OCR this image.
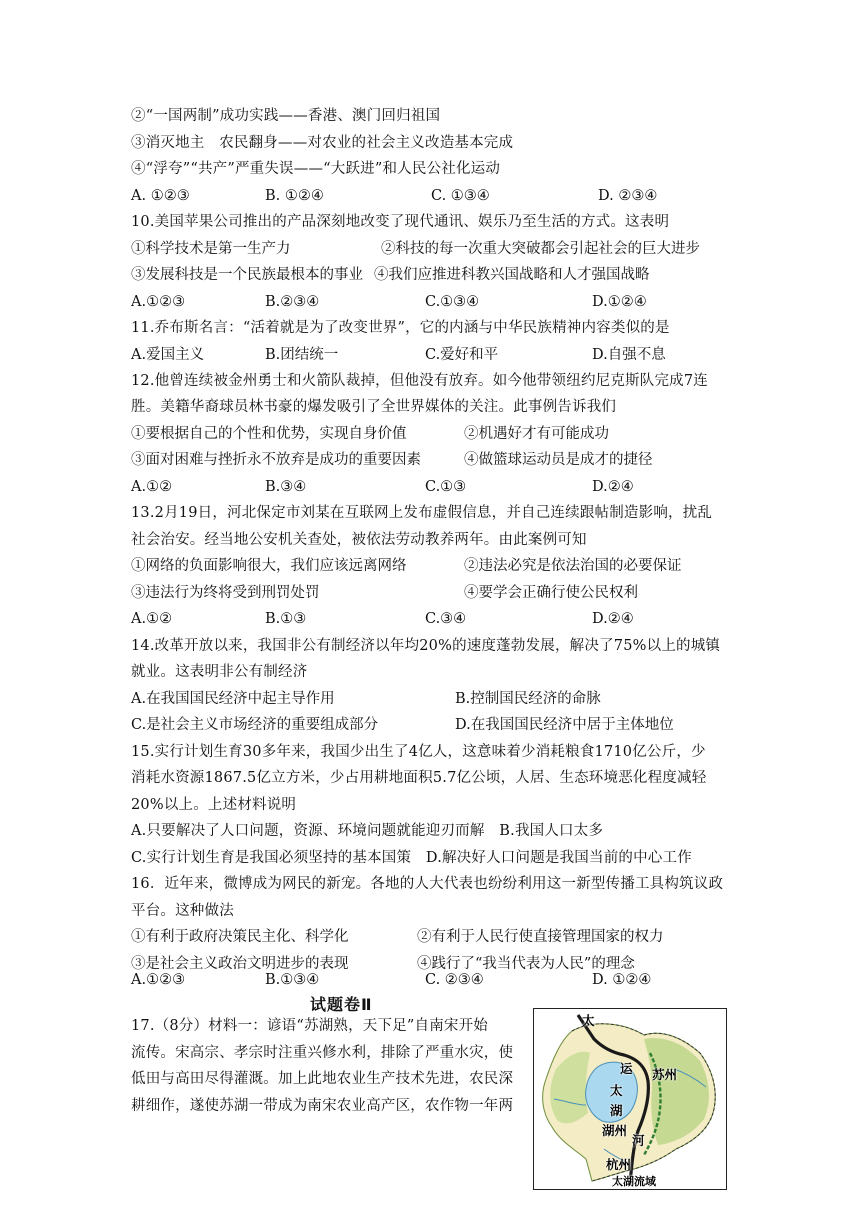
②“一国两制”成功实践——香港、澳门回归祖国
③消灭地主　农民翻身——对农业的社会主义改造基本完成
④“浮夸”“共产”严重失误——“大跃进”和人民公社化运动
A. ①②③	B. ①②④	C. ①③④	D. ②③④
10.美国苹果公司推出的产品深刻地改变了现代通讯、娱乐乃至生活的方式。这表明
①科学技术是第一生产力	②科技的每一次重大突破都会引起社会的巨大进步
③发展科技是一个民族最根本的事业 ④我们应推进科教兴国战略和人才强国战略
A.①②③	B.②③④	C.①③④	D.①②④
11.乔布斯名言：“活着就是为了改变世界”，它的内涵与中华民族精神内容类似的是
A.爱国主义	B.团结统一	C.爱好和平	D.自强不息
12.他曾连续被金州勇士和火箭队裁掉，但他没有放弃。如今他带领纽约尼克斯队完成7连
胜。美籍华裔球员林书豪的爆发吸引了全世界媒体的关注。此事例告诉我们
①要根据自己的个性和优势，实现自身价值	②机遇好才有可能成功
③面对困难与挫折永不放弃是成功的重要因素	④做篮球运动员是成才的捷径
A.①②	B.③④	C.①③	D.②④
13.2月19日，河北保定市刘某在互联网上发布虚假信息，并自己连续跟帖制造影响，扰乱
社会治安。经当地公安机关查处，被依法劳动教养两年。由此案例可知
①网络的负面影响很大，我们应该远离网络	②违法必究是依法治国的必要保证
③违法行为终将受到刑罚处罚	④要学会正确行使公民权利
A.①②	B.①③	C.③④	D.②④
14.改革开放以来，我国非公有制经济以年均20%的速度蓬勃发展，解决了75%以上的城镇
就业。这表明非公有制经济
A.在我国国民经济中起主导作用	B.控制国民经济的命脉
C.是社会主义市场经济的重要组成部分	D.在我国国民经济中居于主体地位
15.实行计划生育30多年来，我国少出生了4亿人，这意味着少消耗粮食1710亿公斤，少
消耗水资源1867.5亿立方米，少占用耕地面积5.7亿公顷，人居、生态环境恶化程度减轻
20%以上。上述材料说明
A.只要解决了人口问题，资源、环境问题就能迎刃而解　B.我国人口太多
C.实行计划生育是我国必须坚持的基本国策　D.解决好人口问题是我国当前的中心工作
16．近年来，微博成为网民的新宠。各地的人大代表也纷纷利用这一新型传播工具构筑议政
平台。这种做法
①有利于政府决策民主化、科学化	②有利于人民行使直接管理国家的权力
③是社会主义政治文明进步的表现	④践行了“我当代表为人民”的理念
A.①②③	B.①③④	C. ②③④	D. ①②④
试题卷Ⅱ
17.（8分）材料一：谚语“苏湖熟，天下足”自南宋开始
流传。宋高宗、孝宗时注重兴修水利，排除了严重水灾，使
低田与高田尽得灌溉。加上此地农业生产技术先进，农民深
耕细作，遂使苏湖一带成为南宋农业高产区，农作物一年两
太
运 苏州
太
湖
湖州
河
杭州
太湖流域
